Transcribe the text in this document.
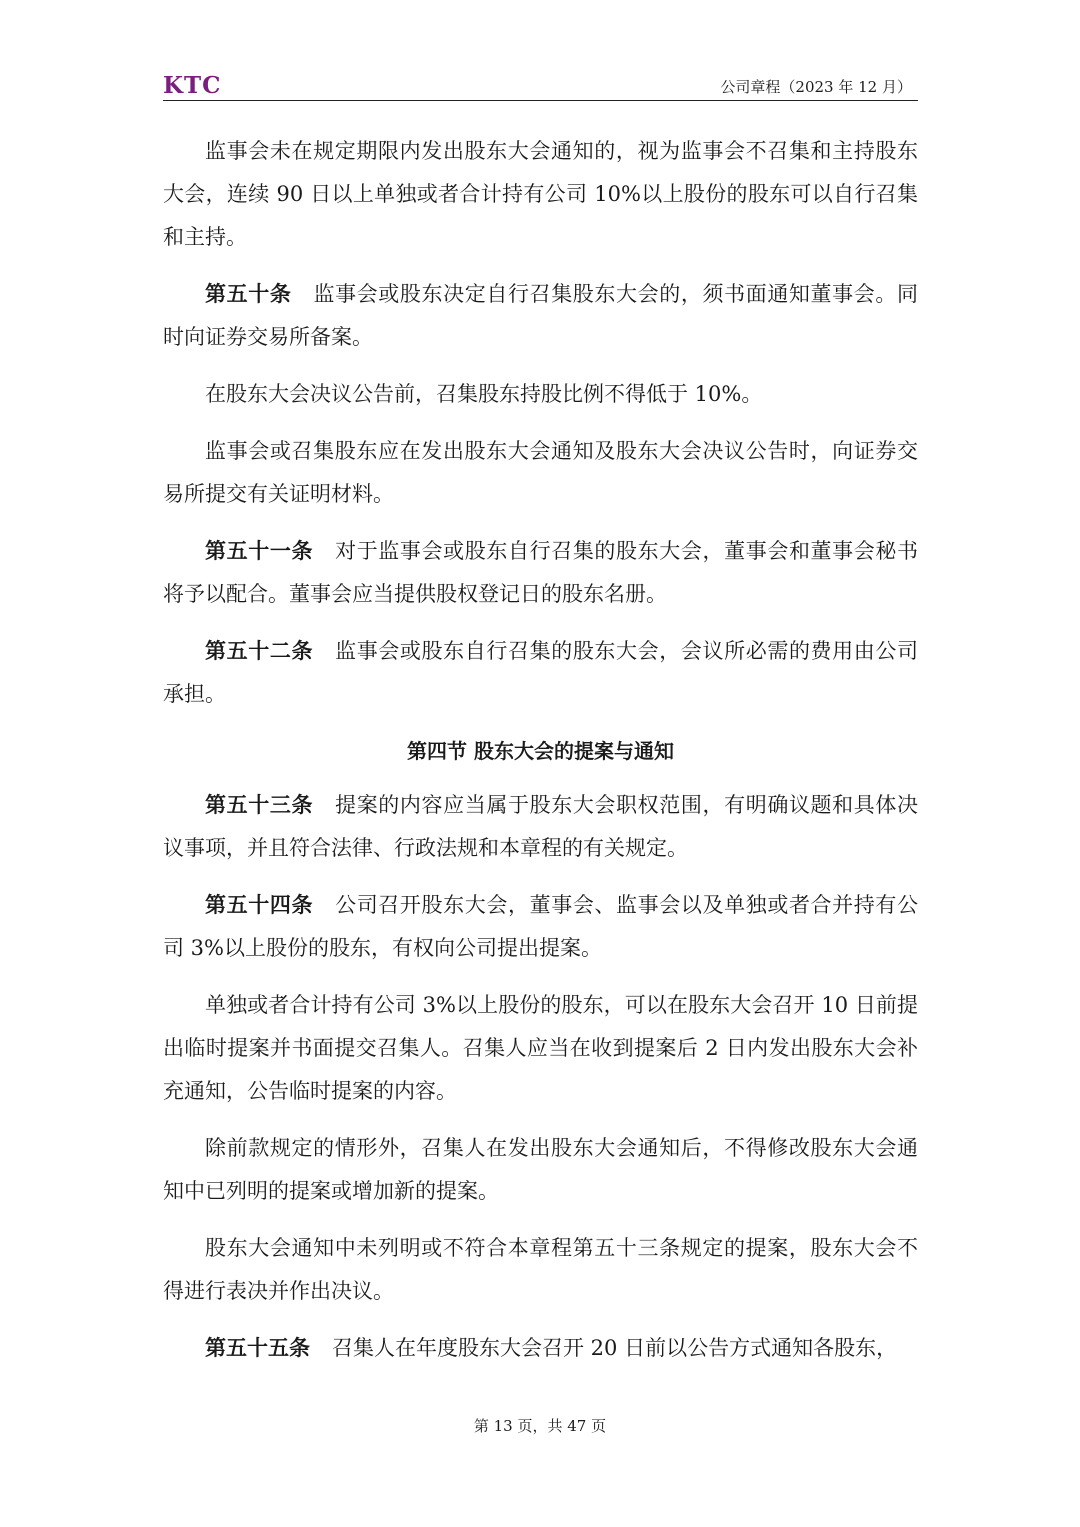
KTC	公司章程（2023 年 12 月）

监事会未在规定期限内发出股东大会通知的，视为监事会不召集和主持股东大会，连续 90 日以上单独或者合计持有公司 10%以上股份的股东可以自行召集和主持。

第五十条 监事会或股东决定自行召集股东大会的，须书面通知董事会。同时向证券交易所备案。

在股东大会决议公告前，召集股东持股比例不得低于 10%。

监事会或召集股东应在发出股东大会通知及股东大会决议公告时，向证券交易所提交有关证明材料。

第五十一条 对于监事会或股东自行召集的股东大会，董事会和董事会秘书将予以配合。董事会应当提供股权登记日的股东名册。

第五十二条 监事会或股东自行召集的股东大会，会议所必需的费用由公司承担。

第四节 股东大会的提案与通知

第五十三条 提案的内容应当属于股东大会职权范围，有明确议题和具体决议事项，并且符合法律、行政法规和本章程的有关规定。

第五十四条 公司召开股东大会，董事会、监事会以及单独或者合并持有公司 3%以上股份的股东，有权向公司提出提案。

单独或者合计持有公司 3%以上股份的股东，可以在股东大会召开 10 日前提出临时提案并书面提交召集人。召集人应当在收到提案后 2 日内发出股东大会补充通知，公告临时提案的内容。

除前款规定的情形外，召集人在发出股东大会通知后，不得修改股东大会通知中已列明的提案或增加新的提案。

股东大会通知中未列明或不符合本章程第五十三条规定的提案，股东大会不得进行表决并作出决议。

第五十五条 召集人在年度股东大会召开 20 日前以公告方式通知各股东，

第 13 页，共 47 页
